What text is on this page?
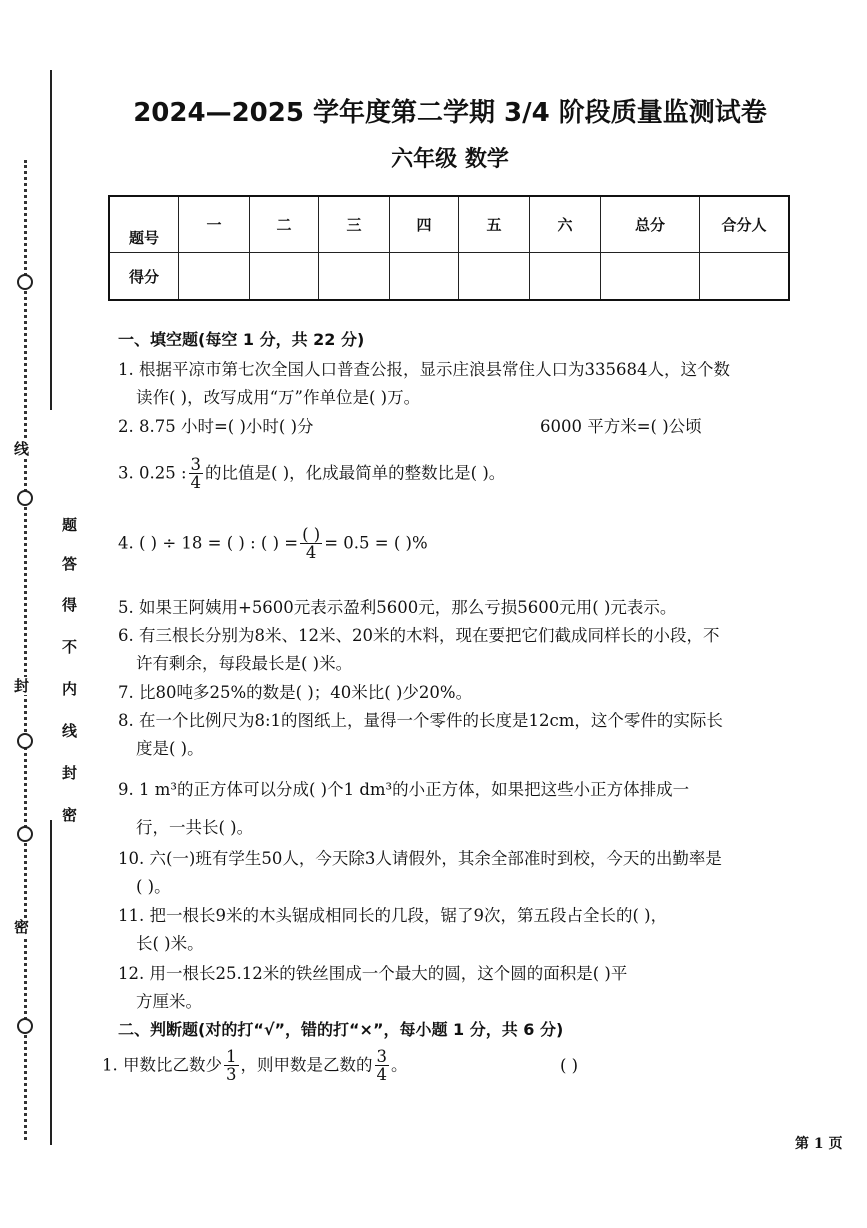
线
封
密
题
答
得
不
内
线
封
密
2024—2025 学年度第二学期 3/4 阶段质量监测试卷
六年级 数学
题号	一	二	三	四	五	六	总分	合分人
得分								
一、填空题(每空 1 分，共 22 分)
1. 根据平凉市第七次全国人口普查公报，显示庄浪县常住人口为335684人，这个数
读作( )，改写成用“万”作单位是( )万。
2. 8.75 小时=( )小时( )分	6000 平方米=( )公顷
3. 0.25 : $\frac{3}{4}$ 的比值是( )，化成最简单的整数比是( )。
4. ( ) ÷ 18 = ( ) : ( ) = $\frac{( )}{4} = 0.5$ = ( )%
5. 如果王阿姨用+5600元表示盈利5600元，那么亏损5600元用( )元表示。
6. 有三根长分别为8米、12米、20米的木料，现在要把它们截成同样长的小段，不
许有剩余，每段最长是( )米。
7. 比80吨多25%的数是( )；40米比( )少20%。
8. 在一个比例尺为8:1的图纸上，量得一个零件的长度是12cm，这个零件的实际长
度是( )。
9. 1 m³的正方体可以分成( )个1 dm³的小正方体，如果把这些小正方体排成一
行，一共长( )。
10. 六(一)班有学生50人，今天除3人请假外，其余全部准时到校，今天的出勤率是
( )。
11. 把一根长9米的木头锯成相同长的几段，锯了9次，第五段占全长的( )，
长( )米。
12. 用一根长25.12米的铁丝围成一个最大的圆，这个圆的面积是( )平
方厘米。
二、判断题(对的打“√”，错的打“×”，每小题 1 分，共 6 分)
1. 甲数比乙数少 $\frac{1}{3}$ ，则甲数是乙数的 $\frac{3}{4}$ 。	( )
第 1 页
